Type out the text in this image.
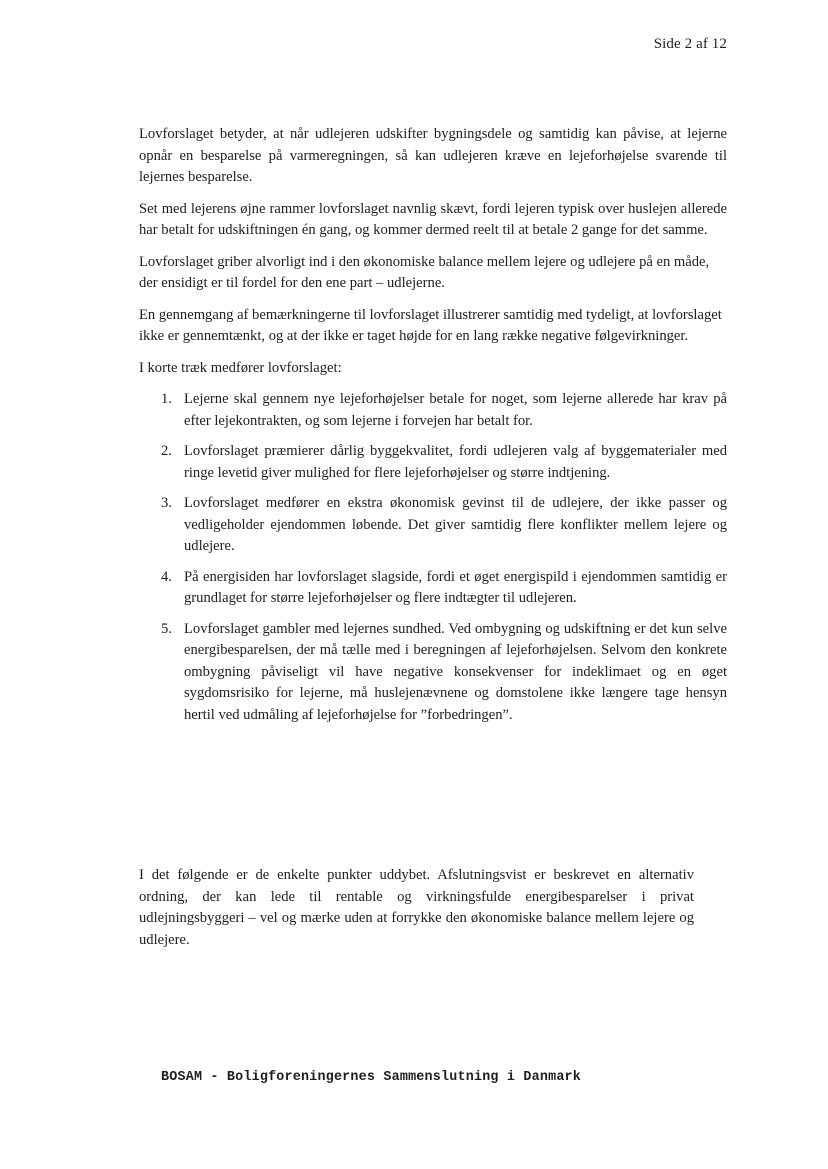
Side 2 af 12

Lovforslaget betyder, at når udlejeren udskifter bygningsdele og samtidig kan påvise, at lejerne opnår en besparelse på varmeregningen, så kan udlejeren kræve en lejeforhøjelse svarende til lejernes besparelse.

Set med lejerens øjne rammer lovforslaget navnlig skævt, fordi lejeren typisk over huslejen allerede har betalt for udskiftningen én gang, og kommer dermed reelt til at betale 2 gange for det samme.

Lovforslaget griber alvorligt ind i den økonomiske balance mellem lejere og udlejere på en måde, der ensidigt er til fordel for den ene part – udlejerne.

En gennemgang af bemærkningerne til lovforslaget illustrerer samtidig med tydeligt, at lovforslaget ikke er gennemtænkt, og at der ikke er taget højde for en lang række negative følgevirkninger.

I korte træk medfører lovforslaget:

1. Lejerne skal gennem nye lejeforhøjelser betale for noget, som lejerne allerede har krav på efter lejekontrakten, og som lejerne i forvejen har betalt for.
2. Lovforslaget præmierer dårlig byggekvalitet, fordi udlejeren valg af byggematerialer med ringe levetid giver mulighed for flere lejeforhøjelser og større indtjening.
3. Lovforslaget medfører en ekstra økonomisk gevinst til de udlejere, der ikke passer og vedligeholder ejendommen løbende. Det giver samtidig flere konflikter mellem lejere og udlejere.
4. På energisiden har lovforslaget slagside, fordi et øget energispild i ejendommen samtidig er grundlaget for større lejeforhøjelser og flere indtægter til udlejeren.
5. Lovforslaget gambler med lejernes sundhed. Ved ombygning og udskiftning er det kun selve energibesparelsen, der må tælle med i beregningen af lejeforhøjelsen. Selvom den konkrete ombygning påviseligt vil have negative konsekvenser for indeklimaet og en øget sygdomsrisiko for lejerne, må huslejenævnene og domstolene ikke længere tage hensyn hertil ved udmåling af lejeforhøjelse for ”forbedringen”.

I det følgende er de enkelte punkter uddybet. Afslutningsvist er beskrevet en alternativ ordning, der kan lede til rentable og virkningsfulde energibesparelser i privat udlejningsbyggeri – vel og mærke uden at forrykke den økonomiske balance mellem lejere og udlejere.

BOSAM - Boligforeningernes Sammenslutning i Danmark
